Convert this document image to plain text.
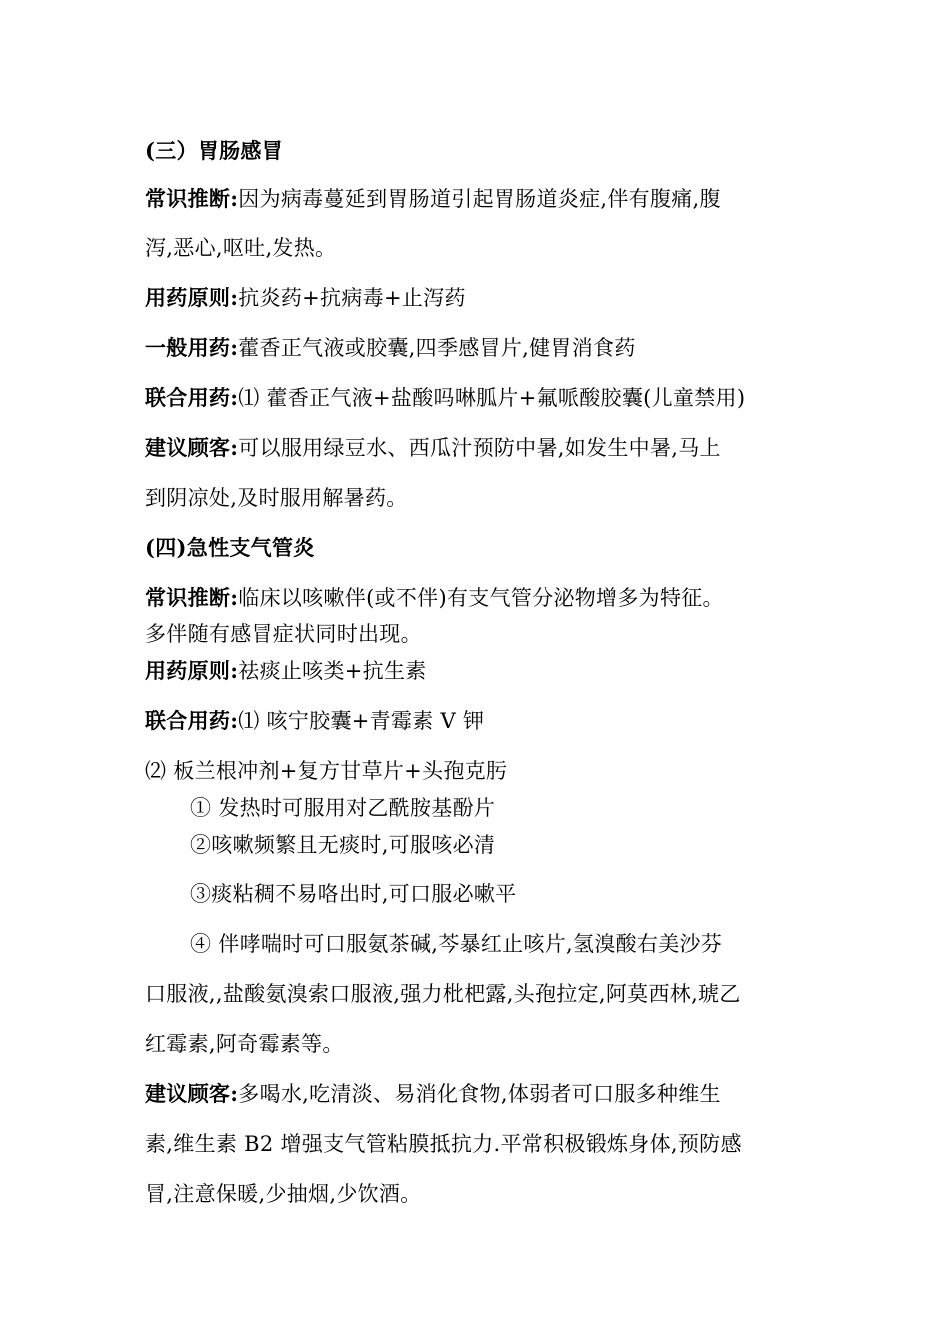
(三）胃肠感冒
常识推断:因为病毒蔓延到胃肠道引起胃肠道炎症,伴有腹痛,腹
泻,恶心,呕吐,发热。
用药原则:抗炎药+抗病毒+止泻药
一般用药:藿香正气液或胶囊,四季感冒片,健胃消食药
联合用药:⑴ 藿香正气液+盐酸吗啉胍片+氟哌酸胶囊(儿童禁用)
建议顾客:可以服用绿豆水、西瓜汁预防中暑,如发生中暑,马上
到阴凉处,及时服用解暑药。
(四)急性支气管炎
常识推断:临床以咳嗽伴(或不伴)有支气管分泌物增多为特征。
多伴随有感冒症状同时出现。
用药原则:祛痰止咳类+抗生素
联合用药:⑴ 咳宁胶囊+青霉素 V 钾
⑵ 板兰根冲剂+复方甘草片+头孢克肟
① 发热时可服用对乙酰胺基酚片
②咳嗽频繁且无痰时,可服咳必清
③痰粘稠不易咯出时,可口服必嗽平
④ 伴哮喘时可口服氨茶碱,芩暴红止咳片,氢溴酸右美沙芬
口服液,,盐酸氨溴索口服液,强力枇杷露,头孢拉定,阿莫西林,琥乙
红霉素,阿奇霉素等。
建议顾客:多喝水,吃清淡、易消化食物,体弱者可口服多种维生
素,维生素 B2 增强支气管粘膜抵抗力.平常积极锻炼身体,预防感
冒,注意保暖,少抽烟,少饮酒。
